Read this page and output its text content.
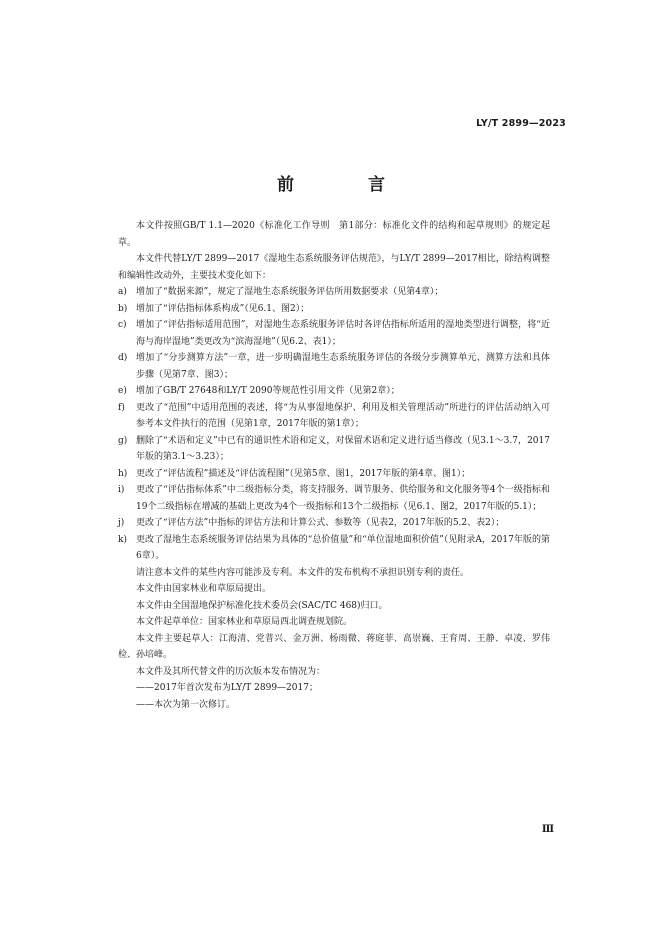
LY/T 2899—2023
前 言

本文件按照GB/T 1.1—2020《标准化工作导则　第1部分：标准化文件的结构和起草规则》的规定起草。

本文件代替LY/T 2899—2017《湿地生态系统服务评估规范》，与LY/T 2899—2017相比，除结构调整和编辑性改动外，主要技术变化如下：

a)	增加了“数据来源”，规定了湿地生态系统服务评估所用数据要求（见第4章）；
b) 增加了“评估指标体系构成”（见6.1、图2）；
c)	增加了“评估指标适用范围”，对湿地生态系统服务评估时各评估指标所适用的湿地类型进行调整，将“近海与海岸湿地”类更改为“滨海湿地”（见6.2、表1）；
d) 增加了“分步测算方法”一章，进一步明确湿地生态系统服务评估的各级分步测算单元、测算方法和具体步骤（见第7章、图3）；
e)	增加了GB/T 27648和LY/T 2090等规范性引用文件（见第2章）；
f)	更改了“范围”中适用范围的表述，将“为从事湿地保护、利用及相关管理活动”所进行的评估活动纳入可参考本文件执行的范围（见第1章，2017年版的第1章）；
g) 删除了“术语和定义”中已有的通识性术语和定义，对保留术语和定义进行适当修改（见3.1～3.7，2017年版的第3.1～3.23）；
h) 更改了“评估流程”描述及“评估流程图”（见第5章、图1，2017年版的第4章、图1）；
i)	更改了“评估指标体系”中二级指标分类，将支持服务、调节服务、供给服务和文化服务等4个一级指标和19个二级指标在增减的基础上更改为4个一级指标和13个二级指标（见6.1、图2，2017年版的5.1）；
j)	更改了“评估方法”中指标的评估方法和计算公式、参数等（见表2，2017年版的5.2、表2）；
k)	更改了湿地生态系统服务评估结果为具体的“总价值量”和“单位湿地面积价值”（见附录A，2017年版的第6章）。

请注意本文件的某些内容可能涉及专利。本文件的发布机构不承担识别专利的责任。

本文件由国家林业和草原局提出。

本文件由全国湿地保护标准化技术委员会(SAC/TC 468)归口。

本文件起草单位：国家林业和草原局西北调查规划院。

本文件主要起草人：江海清、党普兴、金万洲、杨雨微、蒋庭菲、高崇巍、王育周、王静、卓凌、罗伟检、孙培峰。

本文件及其所代替文件的历次版本发布情况为：

——2017年首次发布为LY/T 2899—2017；

——本次为第一次修订。

Ⅲ
